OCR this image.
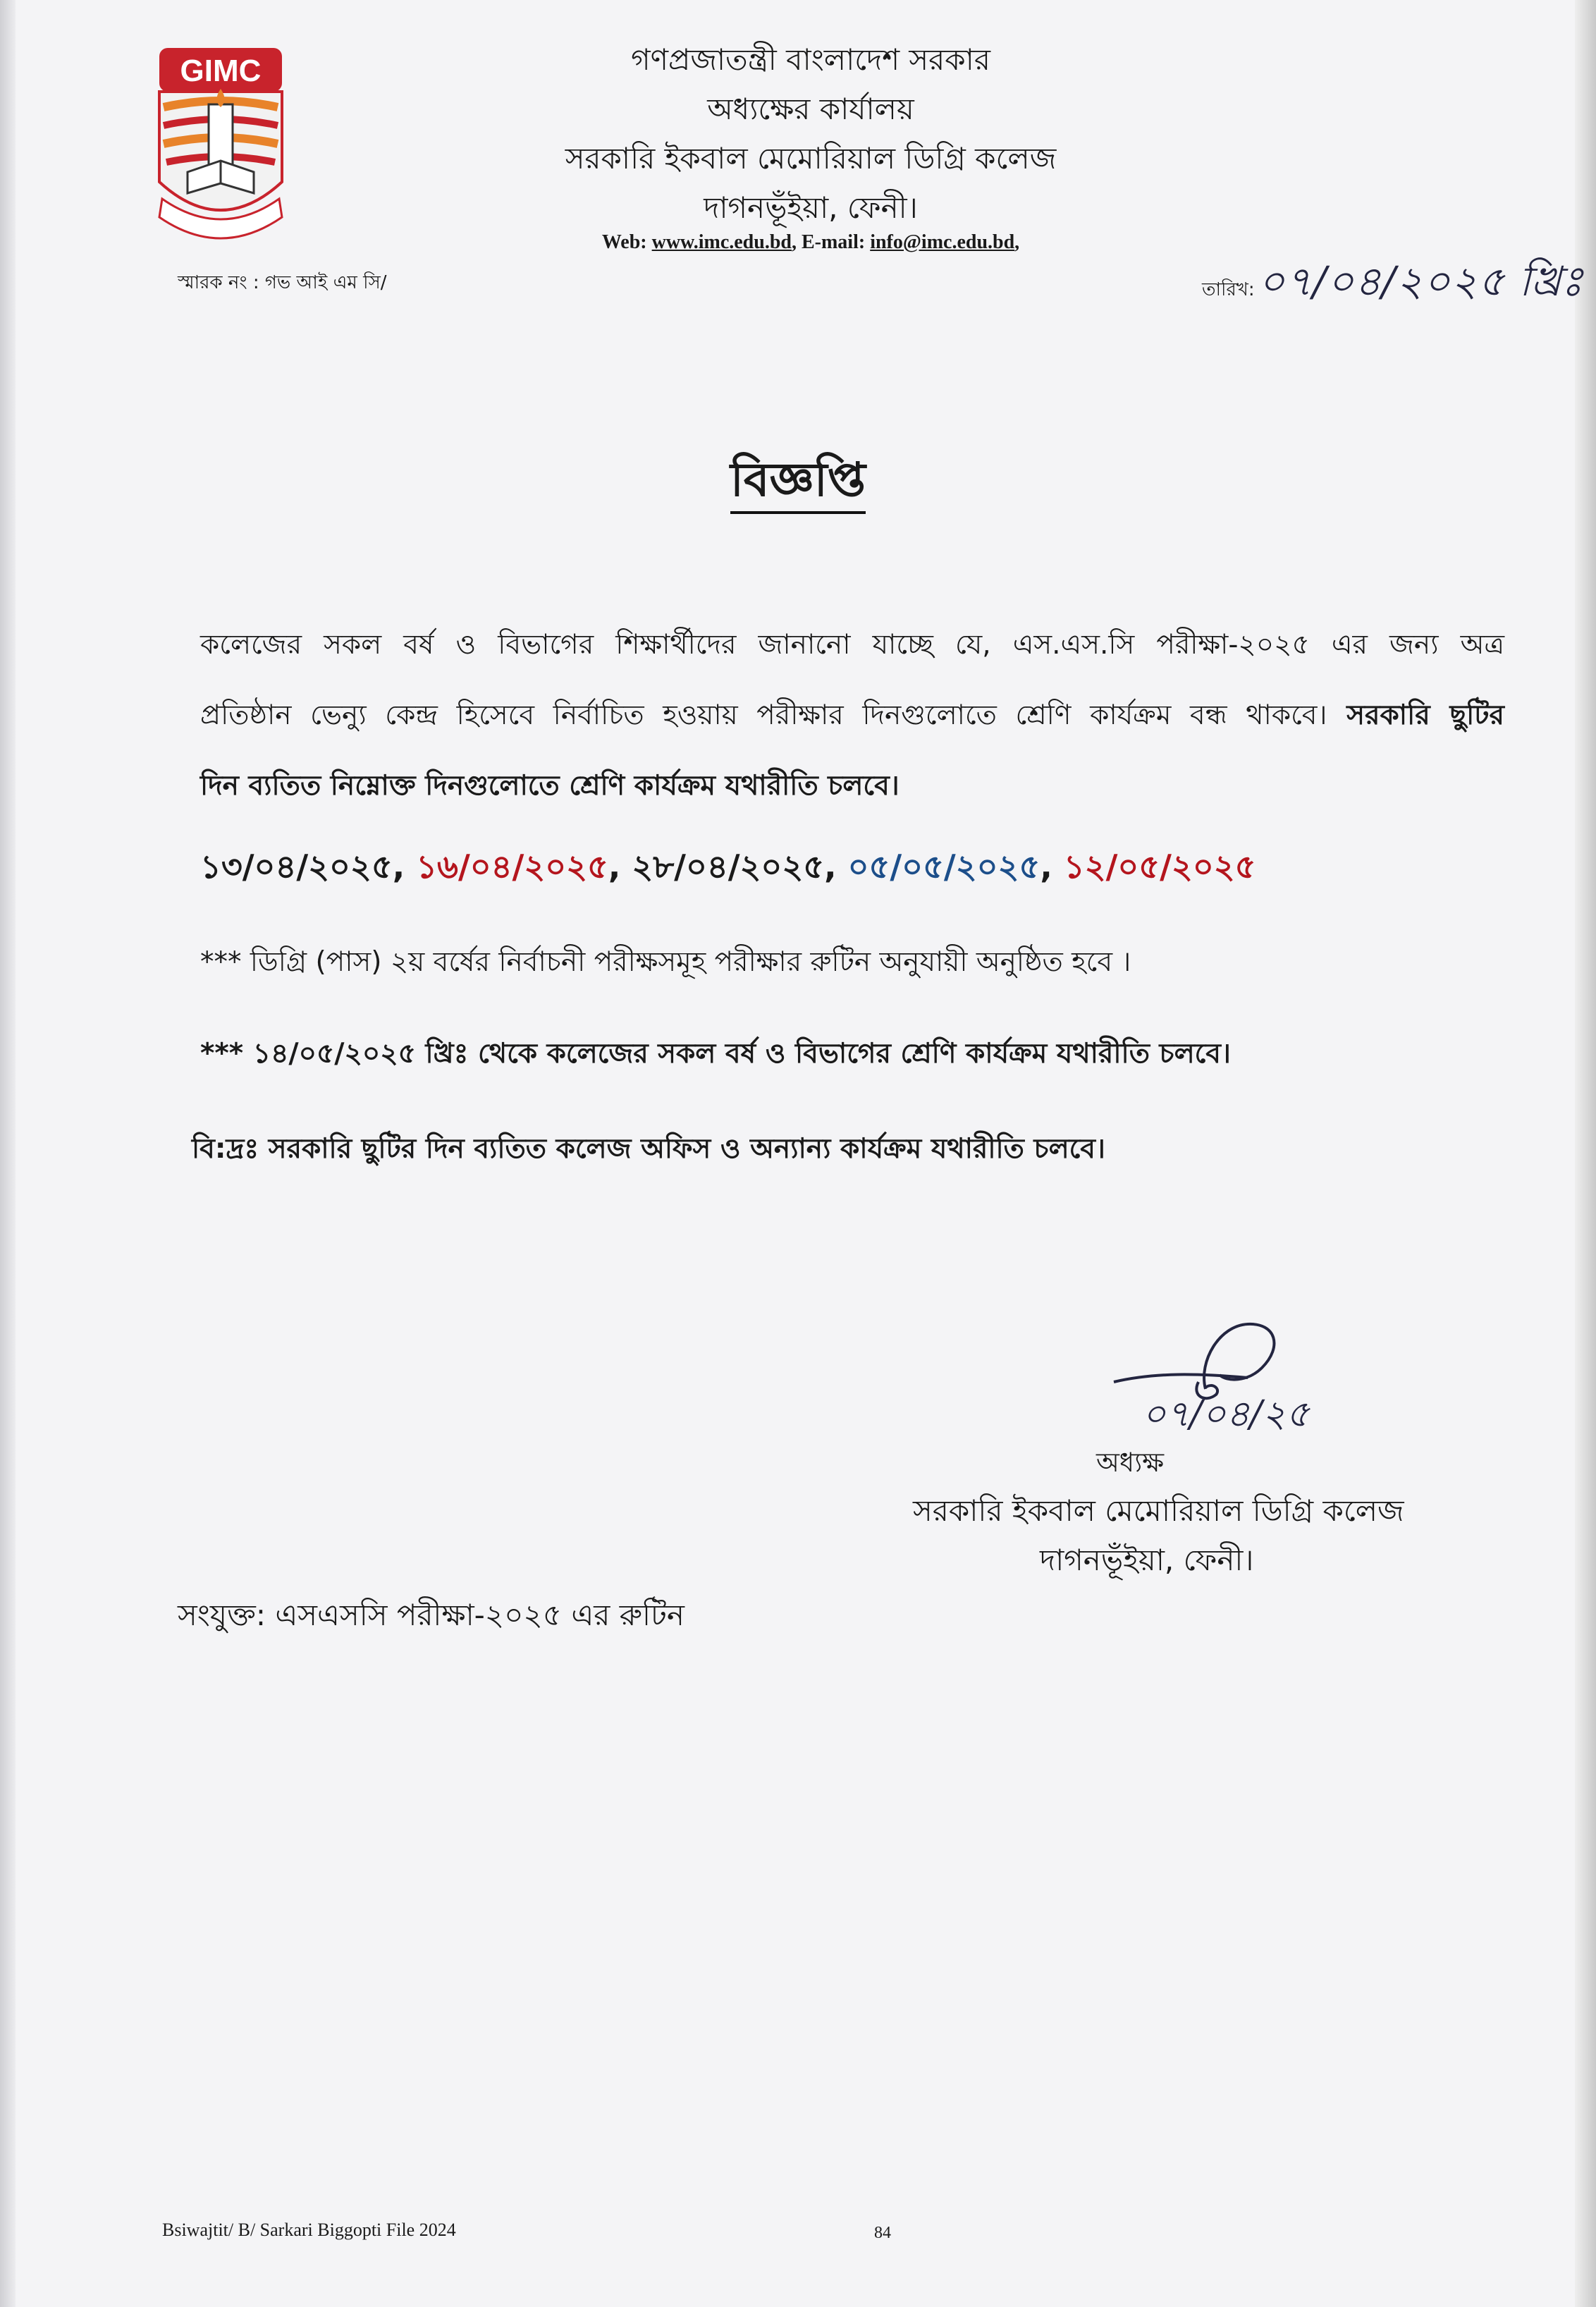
GIMC	গণপ্রজাতন্ত্রী বাংলাদেশ সরকার
অধ্যক্ষের কার্যালয়
সরকারি ইকবাল মেমোরিয়াল ডিগ্রি কলেজ
দাগনভূঁইয়া, ফেনী।
Web: www.imc.edu.bd, E-mail: info@imc.edu.bd,
স্মারক নং : গভ আই এম সি/	তারিখ: ০৭/০৪/২০২৫ খ্রিঃ
বিজ্ঞপ্তি
কলেজের সকল বর্ষ ও বিভাগের শিক্ষার্থীদের জানানো যাচ্ছে যে, এস.এস.সি পরীক্ষা-২০২৫ এর জন্য অত্র
প্রতিষ্ঠান ভেন্যু কেন্দ্র হিসেবে নির্বাচিত হওয়ায় পরীক্ষার দিনগুলোতে শ্রেণি কার্যক্রম বন্ধ থাকবে। সরকারি ছুটির
দিন ব্যতিত নিম্নোক্ত দিনগুলোতে শ্রেণি কার্যক্রম যথারীতি চলবে।
১৩/০৪/২০২৫, ১৬/০৪/২০২৫, ২৮/০৪/২০২৫, ০৫/০৫/২০২৫, ১২/০৫/২০২৫
*** ডিগ্রি (পাস) ২য় বর্ষের নির্বাচনী পরীক্ষসমূহ পরীক্ষার রুটিন অনুযায়ী অনুষ্ঠিত হবে ।
*** ১৪/০৫/২০২৫ খ্রিঃ থেকে কলেজের সকল বর্ষ ও বিভাগের শ্রেণি কার্যক্রম যথারীতি চলবে।
বি:দ্রঃ সরকারি ছুটির দিন ব্যতিত কলেজ অফিস ও অন্যান্য কার্যক্রম যথারীতি চলবে।
০৭/০৪/২৫
অধ্যক্ষ
সরকারি ইকবাল মেমোরিয়াল ডিগ্রি কলেজ
দাগনভূঁইয়া, ফেনী।
সংযুক্ত: এসএসসি পরীক্ষা-২০২৫ এর রুটিন
Bsiwajtit/ B/ Sarkari Biggopti File 2024	84
